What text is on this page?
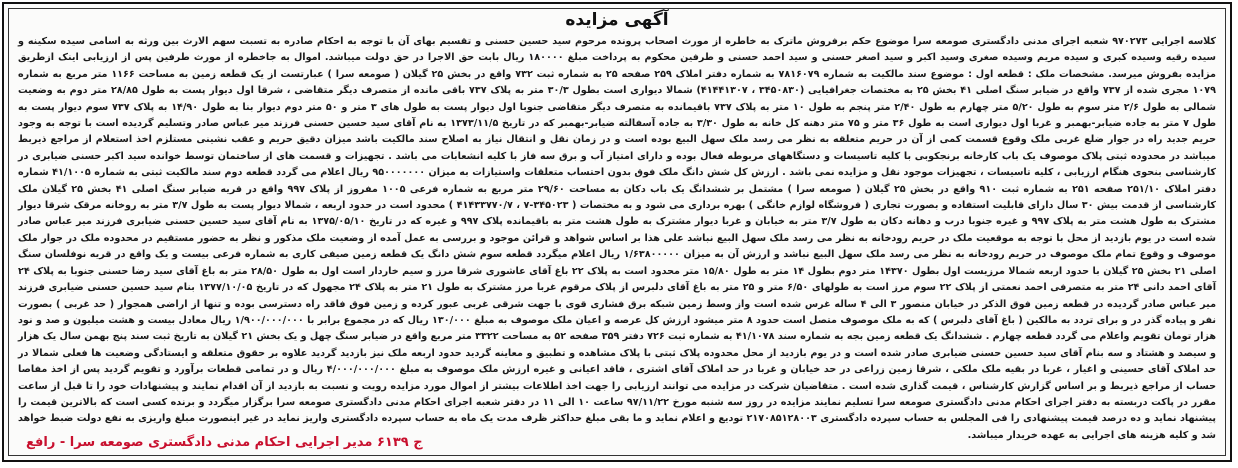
آگهی مزایده
کلاسه اجرایی ۹۷۰۲۷۳ شعبه اجرای مدنی دادگستری صومعه سرا موضوع حکم برفروش ماترک به خاطره از مورث اصحاب پرونده مرحوم سید حسین حسنی و تقسیم بهای آن با توجه به احکام صادره به تسبت سهم الارث بین ورثه به اسامی سیده سکینه و سیده رقیه وسیده کبری و سیده مریم وسیده صغری وسید اکبر و سید اصغر حسنی و سید احمد حسنی و طرفین محکوم به پرداخت مبلغ ۱۸۰۰۰۰ ریال بابت حق الاجرا در حق دولت میباشد. اموال به جاخطره از مورث طرفین پس از ارزیابی اینک ازطریق مزایده بفروش میرسد. مشخصات ملک : قطعه اول : موضوع سند مالکیت به شماره ۷۸۱۶۰۷۹ به شماره دفتر املاک ۲۵۹ صفحه ۲۵ به شماره ثبت ۷۳۲ واقع در بخش ۲۵ گیلان ( صومعه سرا ) عبارتست از یک قطعه زمین به مساحت ۱۱۶۶ متر مربع به شماره ۱۰۷۹ مجری شده از ۷۳۷ واقع در ضیابر سنگ اصلی ۴۱ بخش ۲۵ به مختصات جغرافیایی (۳۴۵۰۸۳۰ ، ۴۱۴۴۱۳۰۷) شمالا دیواری است بطول ۳۰/۳ متر به پلاک ۷۳۷ باقی مانده از متصرف دیگر متقاضی ، شرقا اول دیوار پست به طول ۲۸/۸۵ متر دوم به وضعیت شمالی به طول ۲/۶ متر سوم به طول ۵/۲۰ متر چهارم به طول ۲/۴۰ متر پنجم به طول ۱۰ متر به پلاک ۷۳۷ باقیمانده به متصرف دیگر متقاضی جنوبا اول دیوار پست به طول های ۳ متر و ۵۰ متر دوم دیوار بنا به طول ۱۴/۹۰ به پلاک ۷۳۷ سوم دیوار پست به طول ۷ متر به جاده ضیابر-بهمبر و غربا اول دیواری است به طول ۳۶ متر و ۷۵ متر دهنه کل خانه به طول ۳/۳۰ به جاده آسفالته ضیابر-بهمبر که در تاریخ ۱۳۷۳/۱۱/۵ به نام آقای سید حسین حسنی فرزند میر عباس صادر وتسلیم گردیده است با توجه به وجود حریم جدید راه در جوار ضلع غربی ملک وقوع قسمت کمی از آن در حریم متعلقه به نظر می رسد ملک سهل البیع بوده است و در زمان نقل و انتقال نیاز به اصلاح سند مالکیت باشد میزان دقیق حریم و عقب نشینی مستلزم اخذ استعلام از مراجع ذیربط میباشد در محدوده ثبتی پلاک موصوف یک باب کارخانه برنجکوبی با کلیه تاسیسات و دستگاههای مربوطه فعال بوده و دارای امتیاز آب و برق سه فاز با کلیه انشعابات می باشد . تجهیزات و قسمت های از ساختمان توسط خوانده سید اکبر حسنی ضیابری در کارشناسی بنحوی هنگام ارزیابی ، کلیه تاسیسات ، تجهیزات موجود نقل و مزایده نمی باشد . ارزش کل شش دانگ ملک فوق بدون احتساب متعلقات واستیازات به میزان ۹۵۰۰۰۰۰۰۰ ریال اعلام می گردد قطعه دوم سند مالکیت ثبتی به شماره ۴۱/۱۰۰۵ شماره دفتر املاک ۲۵۱/۱۰ صفحه ۲۵۱ به شماره ثبت ۹۱۰ واقع در بخش ۲۵ گیلان ( صومعه سرا ) مشتمل بر ششدانگ یک باب دکان به مساحت ۲۹/۶۰ متر مربع به شماره فرعی ۱۰۰۵ مفروز از پلاک ۹۹۷ واقع در قریه ضیابر سنگ اصلی ۴۱ بخش ۲۵ گیلان ملک کارشناسی از قدمت بیش ۳۰ سال دارای قابلیت استفاده و بصورت تجاری ( فروشگاه لوازم خانگی ) بهره برداری می شود و به مختصات ( ۳۴۵۰۲۳-۷ ، ۴۱۴۳۳۷۷۰/۷ ) محدود است در حدود اربعه ، شمالا دیوار پست به طول ۳/۷ متر به روخانه مرقک شرقا دیوار مشترک به طول هشت متر به پلاک ۹۹۷ و غیره جنوبا درب و دهانه دکان به طول ۳/۷ متر به خیابان و غربا دیوار مشترک به طول هشت متر به باقیمانده پلاک ۹۹۷ و غیره که در تاریخ ۱۳۷۵/۰۵/۱۰ به نام آقای سید حسین حسنی ضیابری فرزند میر عباس صادر شده است در یوم بازدید از محل با توجه به موقعیت ملک در حریم رودخانه به نظر می رسد ملک سهل البیع نباشد علی هذا بر اساس شواهد و قرائن موجود و بررسی به عمل آمده از وضعیت ملک مذکور و نظر به حضور مستقیم در محدوده ملک در جوار ملک موصوف و وقوع تمام ملک موصوف در حریم رودخانه به نظر می رسد ملک سهل البیع نباشد و ارزش آن به میزان ۱/۶۳۸۰۰۰۰۰ ریال اعلام میگردد قطعه سوم شش دانگ یک قطعه زمین صیفی کاری به شماره فرعی بیست و یک واقع در قریه نوفلسان سنگ اصلی ۲۱ بخش ۲۵ گیلان با حدود اربعه شمالا مرزیست اول بطول ۱۴۳۷۰ متر دوم بطول ۱۴ متر به طول ۱۵/۸۰ متر محدود است به پلاک ۲۲ باغ آقای عاشوری شرقا مرز و سیم خاردار است اول به طول ۲۸/۵۰ متر به باغ آقای سید رضا حسنی جنوبا به پلاک ۲۴ آقای احمد دانی ۲۴ متر به متصرفی احمد نعمتی از پلاک ۲۲ سوم مرز است به طولهای ۶/۵۰ متر و ۲۵ متر به باغ آقای دلبرس از پلاک مرقوم غربا مرز مشترک به طول ۲۱ متر به پلاک ۲۴ مجهول که در تاریخ ۱۳۷۷/۱۰/۰۵ بنام سید حسین حسنی ضیابری فرزند میر عباس صادر گردیده در قطعه زمین فوق الذکر در خیابان منصور ۳ الی ۴ ساله غرس شده است واز وسط زمین شبکه برق فشاری قوی با جهت شرقی غربی عبور کرده و زمین فوق فاقد راه دسترسی بوده و تنها از اراضی همجوار ( حد غربی ) بصورت نفر و پیاده گذر در و برای تردد به مالکین ( باغ آقای دلبرس ) که به ملک موصوف متصل است حدود ۸ متر میشود ارزش کل عرصه و اعیان ملک موصوف به مبلغ ۱۳۰/۰۰۰ ریال که در مجموع برابر با ۱/۹۰۰/۰۰۰/۰۰۰ ریال معادل بیست و هشت میلیون و صد و نود هزار تومان تقویم واعلام می گردد قطعه چهارم . ششدانگ یک قطعه زمین بجه به شماره سند ۴۱/۱۰۷۸ به شماره ثبت ۷۲۶ دفتر ۳۵۹ صفحه ۵۲ به مساحت ۳۳۲۲ متر مربع واقع در ضیابر سنگ چهل و یک بخش ۲۱ گیلان به تاریخ ثبت سند پنج بهمن سال یک هزار و سیصد و هشتاد و سه بنام آقای سید حسین حسنی ضیابری صادر شده است و در یوم بازدید از محل محدوده پلاک ثبتی با پلاک مشاهده و تطبیق و معاینه گردید حدود اربعه ملک نیز بازدید گردید علاوه بر حقوق متعلقه و ایستادگی وضعیت ها فعلی شمالا در حد املاک آقای حسینی و اغیار ، غربا در بقیه ملک ملکی ، شرقا زمین زراعی در حد خیابان و غربا در حد املاک آقای اشتری ، فاقد اعیانی و غیره ارزش ملک موصوف به مبلغ ۴/۰۰۰/۰۰۰/۰۰۰ ریال و در تمامی قطعات برآورد و تقویم گردید پس از اخذ مفاصا حساب از مراجع ذیربط و بر اساس گزارش کارشناس ، قیمت گذاری شده است . متقاضیان شرکت در مزایده می توانند ارزیابی را جهت اخذ اطلاعات بیشتر از اموال مورد مزایده رویت و نسبت به بازدید از آن اقدام نمایند و پیشنهادات خود را تا قبل از ساعت مقرر در پاکت دربسته به دفتر اجرای احکام مدنی دادگستری صومعه سرا تسلیم نمایند مزایده در روز سه شنبه مورخ ۹۷/۱۱/۲۲ ساعت ۱۰ الی ۱۱ در دفتر شعبه اجرای احکام مدنی دادگستری صومعه سرا برگزار میگردد و برنده کسی است که بالاترین قیمت را پیشنهاد نماید و ده درصد قیمت پیشنهادی را فی المجلس به حساب سپرده دادگستری ۲۱۷۰۸۵۱۲۸۰۰۳ تودیع و اعلام نماید و ما بقی مبلغ حداکثر ظرف مدت یک ماه به حساب سپرده دادگستری واریز نماید در غیر اینصورت مبلغ واریزی به نفع دولت ضبط خواهد شد و کلیه هزینه های اجرایی به عهده خریدار میباشد.
ج ۶۱۳۹ مدیر اجرایی احکام مدنی دادگستری صومعه سرا - رافع
